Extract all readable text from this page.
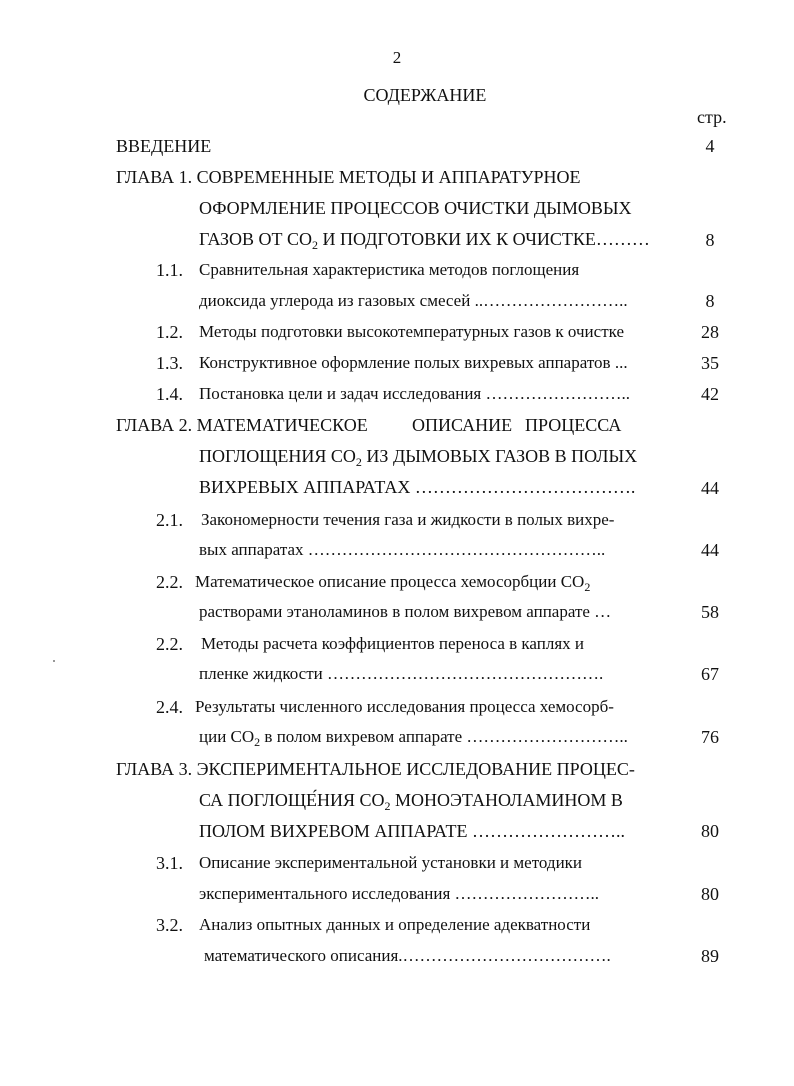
2
СОДЕРЖАНИЕ
стр.
ВВЕДЕНИЕ	4
ГЛАВА 1. СОВРЕМЕННЫЕ МЕТОДЫ И АППАРАТУРНОЕ
ОФОРМЛЕНИЕ ПРОЦЕССОВ ОЧИСТКИ ДЫМОВЫХ
ГАЗОВ ОТ $СО_2$ И ПОДГОТОВКИ ИХ К ОЧИСТКЕ………	8
1.1. Сравнительная характеристика методов поглощения
диоксида углерода из газовых смесей ..……………………..	8
1.2. Методы подготовки высокотемпературных газов к очистке	28
1.3. Конструктивное оформление полых вихревых аппаратов ...	35
1.4. Постановка цели и задач исследования ……………………..	42
ГЛАВА 2. МАТЕМАТИЧЕСКОЕ ОПИСАНИЕ ПРОЦЕССА
ПОГЛОЩЕНИЯ $СО_2$ ИЗ ДЫМОВЫХ ГАЗОВ В ПОЛЫХ
ВИХРЕВЫХ АППАРАТАХ ……………………………….	44
2.1. Закономерности течения газа и жидкости в полых вихре-
вых аппаратах ……………………………………………..	44
2.2. Математическое описание процесса хемосорбции $СО_2$
растворами этаноламинов в полом вихревом аппарате …	58
2.2. Методы расчета коэффициентов переноса в каплях и
пленке жидкости ………………………………………….	67
2.4. Результаты численного исследования процесса хемосорб-
ции $СО_2$ в полом вихревом аппарате ………………………..	76
ГЛАВА 3. ЭКСПЕРИМЕНТАЛЬНОЕ ИССЛЕДОВАНИЕ ПРОЦЕС-
СА ПОГЛОЩЕ́НИЯ $СО_2$ МОНОЭТАНОЛАМИНОМ В
ПОЛОМ ВИХРЕВОМ АППАРАТЕ ……………………..	80
3.1. Описание экспериментальной установки и методики
экспериментального исследования ……………………..	80
3.2. Анализ опытных данных и определение адекватности
математического описания.……………………………….	89
